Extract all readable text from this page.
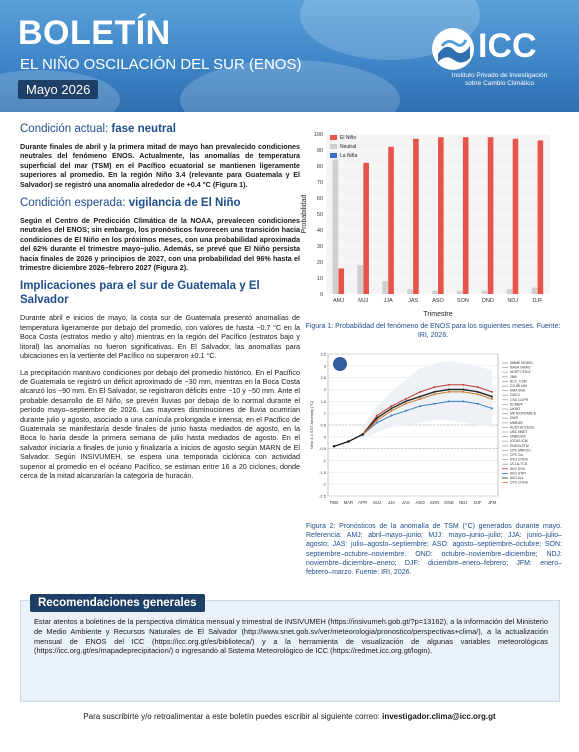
BOLETÍN
EL NIÑO OSCILACIÓN DEL SUR (ENOS)
Mayo 2026
ICC
Instituto Privado de Investigación
sobre Cambio Climático
Condición actual: fase neutral
Durante finales de abril y la primera mitad de mayo han prevalecido condiciones neutrales del fenómeno ENOS. Actualmente, las anomalías de temperatura superficial del mar (TSM) en el Pacífico ecuatorial se mantienen ligeramente superiores al promedio. En la región Niño 3.4 (relevante para Guatemala y El Salvador) se registró una anomalía alrededor de +0.4 °C (Figura 1).
Condición esperada: vigilancia de El Niño
Según el Centro de Predicción Climática de la NOAA, prevalecen condiciones neutrales del ENOS; sin embargo, los pronósticos favorecen una transición hacia condiciones de El Niño en los próximos meses, con una probabilidad aproximada del 62% durante el trimestre mayo–julio. Además, se prevé que El Niño persista hacia finales de 2026 y principios de 2027, con una probabilidad del 96% hasta el trimestre diciembre 2026–febrero 2027 (Figura 2).
Implicaciones para el sur de Guatemala y El Salvador
Durante abril e inicios de mayo, la costa sur de Guatemala presentó anomalías de temperatura ligeramente por debajo del promedio, con valores de hasta −0.7 °C en la Boca Costa (estratos medio y alto) mientras en la región del Pacífico (estratos bajo y litoral) las anomalías no fueron significativas. En El Salvador, las anomalías para ubicaciones en la vertiente del Pacífico no superaron ±0.1 °C.
La precipitación mantuvo condiciones por debajo del promedio histórico. En el Pacífico de Guatemala se registró un déficit aproximado de −30 mm, mientras en la Boca Costa alcanzó los −90 mm. En El Salvador, se registraron déficits entre −10 y −50 mm. Ante el probable desarrollo de El Niño, se prevén lluvias por debajo de lo normal durante el período mayo–septiembre de 2026. Las mayores disminuciones de lluvia ocurrirían durante julio y agosto, asociado a una canícula prolongada e intensa; en el Pacífico de Guatemala se manifestaría desde finales de junio hasta mediados de agosto, en la Boca lo haría desde la primera semana de julio hasta mediados de agosto. En el salvador iniciaría a finales de junio y finalizaría a inicios de agosto según MARN de El Salvador. Según INSIVUMEH, se espera una temporada ciclónica con actividad superior al promedio en el océano Pacífico, se estiman entre 16 a 20 ciclones, donde cerca de la mitad alcanzarían la categoría de huracán.
0
10
20
30
40
50
60
70
80
90
100
Probabilidad
AMJ	MJJ	JJA	JAS	ASO SON OND NDJ	DJF
Trimestre
El Niño
Neutral
La Niña
Figura 1: Probabilidad del fenómeno de ENOS para los siguientes meses. Fuente: IRI, 2026.
-2.5
-2
-1.5
-1
-0.5
0
0.5
1
1.5
2
2.5
3
3.5
Niño 3.4 SST Anomaly (°C)
FEB MAR APR MJJ JJA JAS ASO SON OND NDJ DJF JFM
NMME MODEL
NASA GMAO
NCEP CFSv2
JMA
BCC_CSM
CS-IRI-MM
KMA SNU
CMCC
CSU CLIPR
ECMWF
UKMO
METEOFRANCE
DWD
MMEAN
AUST-ACCESS
UBC NNET
UNB/CWC
IOCAS ICM
ENSOLSTM
CPC MRKOV
CPC CA
NTU CODA
UCLA-TCD
AVG DYN
AVG STAT
AVG ALL
CPC CONS
Figura 2: Pronósticos de la anomalía de TSM (°C) generados durante mayo. Referencia: AMJ: abril–mayo–junio; MJJ: mayo–junio–julio; JJA: junio–julio–agosto; JAS: julio–agosto–septiembre; ASO: agosto–septiembre–octubre; SON: septiembre–octubre–noviembre. OND: octubre–noviembre–diciembre; NDJ: noviembre–diciembre–enero; DJF: diciembre–enero–febrero; JFM: enero–febrero–marzo. Fuente: IRI, 2026.
Recomendaciones generales
Estar atentos a boletines de la perspectiva climática mensual y trimestral de INSIVUMEH (https://insivumeh.gob.gt/?p=13162), a la información del Ministerio de Medio Ambiente y Recursos Naturales de El Salvador (http://www.snet.gob.sv/ver/meteorologia/pronostico/perspectivas+clima/), a la actualización mensual de ENOS del ICC (https://icc.org.gt/es/biblioteca/) y a la herramienta de visualización de algunas variables meteorológicas (https://icc.org.gt/es/mapadeprecipitacion/) o ingresando al Sistema Meteorológico de ICC (https://redmet.icc.org.gt/login).
Para suscribirte y/o retroalimentar a este boletín puedes escribir al siguiente correo: investigador.clima@icc.org.gt
